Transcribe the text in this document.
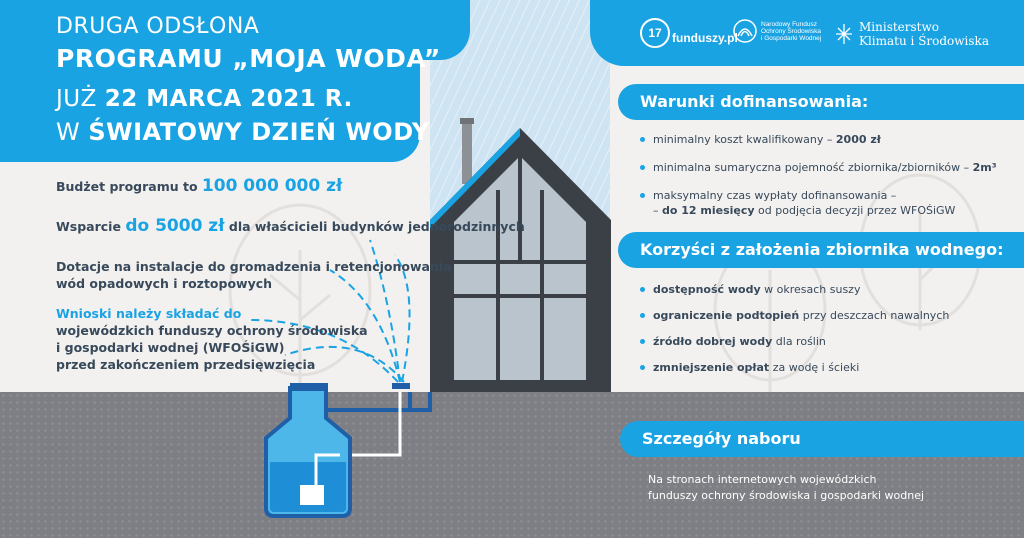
DRUGA ODSŁONA
PROGRAMU „MOJA WODA”
JUŻ 22 MARCA 2021 R.
W ŚWIATOWY DZIEŃ WODY
17 funduszy.pl
Narodowy Fundusz
Ochrony Środowiska
i Gospodarki Wodnej
Ministerstwo
Klimatu i Środowiska
Budżet programu to 100 000 000 zł
Wsparcie do 5000 zł dla właścicieli budynków jednorodzinnych
Dotacje na instalacje do gromadzenia i retencjonowania
wód opadowych i roztopowych
Wnioski należy składać do
wojewódzkich funduszy ochrony środowiska
i gospodarki wodnej (WFOŚiGW)
przed zakończeniem przedsięwzięcia
Warunki dofinansowania:
minimalny koszt kwalifikowany – 2000 zł
minimalna sumaryczna pojemność zbiornika/zbiorników – 2m³
maksymalny czas wypłaty dofinansowania –
– do 12 miesięcy od podjęcia decyzji przez WFOŚiGW
Korzyści z założenia zbiornika wodnego:
dostępność wody w okresach suszy
ograniczenie podtopień przy deszczach nawalnych
źródło dobrej wody dla roślin
zmniejszenie opłat za wodę i ścieki
Szczegóły naboru
Na stronach internetowych wojewódzkich
funduszy ochrony środowiska i gospodarki wodnej
